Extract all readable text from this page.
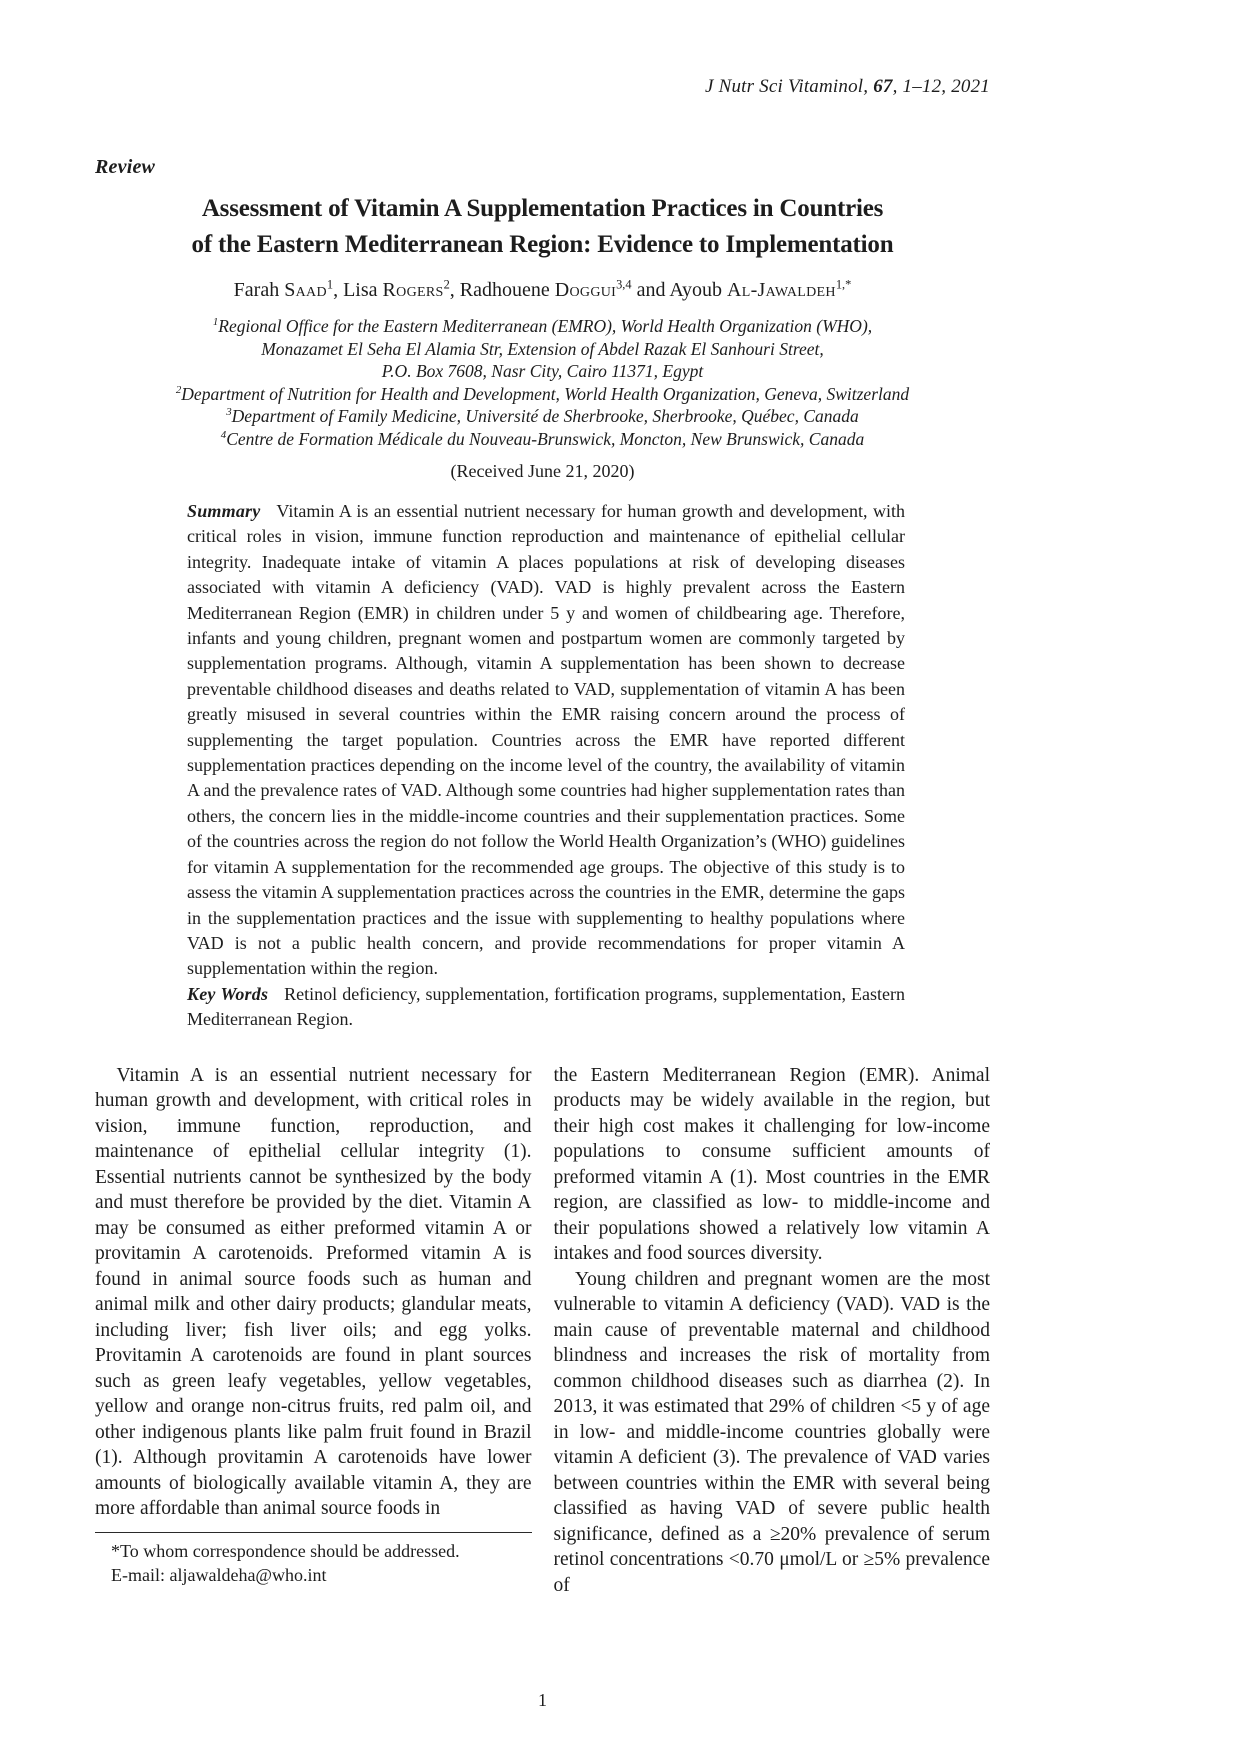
J Nutr Sci Vitaminol, 67, 1–12, 2021
Review
Assessment of Vitamin A Supplementation Practices in Countries
of the Eastern Mediterranean Region: Evidence to Implementation
Farah Saad$^1$, Lisa Rogers$^2$, Radhouene Doggui$^{3,4}$ and Ayoub Al-Jawaldeh$^{1,*}$
$^1$Regional Office for the Eastern Mediterranean (EMRO), World Health Organization (WHO),
Monazamet El Seha El Alamia Str, Extension of Abdel Razak El Sanhouri Street,
P.O. Box 7608, Nasr City, Cairo 11371, Egypt
$^2$Department of Nutrition for Health and Development, World Health Organization, Geneva, Switzerland
$^3$Department of Family Medicine, Université de Sherbrooke, Sherbrooke, Québec, Canada
$^4$Centre de Formation Médicale du Nouveau-Brunswick, Moncton, New Brunswick, Canada
(Received June 21, 2020)

Summary Vitamin A is an essential nutrient necessary for human growth and development, with critical roles in vision, immune function reproduction and maintenance of epithelial cellular integrity. Inadequate intake of vitamin A places populations at risk of developing diseases associated with vitamin A deficiency (VAD). VAD is highly prevalent across the Eastern Mediterranean Region (EMR) in children under 5 y and women of childbearing age. Therefore, infants and young children, pregnant women and postpartum women are commonly targeted by supplementation programs. Although, vitamin A supplementation has been shown to decrease preventable childhood diseases and deaths related to VAD, supplementation of vitamin A has been greatly misused in several countries within the EMR raising concern around the process of supplementing the target population. Countries across the EMR have reported different supplementation practices depending on the income level of the country, the availability of vitamin A and the prevalence rates of VAD. Although some countries had higher supplementation rates than others, the concern lies in the middle-income countries and their supplementation practices. Some of the countries across the region do not follow the World Health Organization’s (WHO) guidelines for vitamin A supplementation for the recommended age groups. The objective of this study is to assess the vitamin A supplementation practices across the countries in the EMR, determine the gaps in the supplementation practices and the issue with supplementing to healthy populations where VAD is not a public health concern, and provide recommendations for proper vitamin A supplementation within the region.

Key Words Retinol deficiency, supplementation, fortification programs, supplementation, Eastern Mediterranean Region.

Vitamin A is an essential nutrient necessary for human growth and development, with critical roles in vision, immune function, reproduction, and maintenance of epithelial cellular integrity (1). Essential nutrients cannot be synthesized by the body and must therefore be provided by the diet. Vitamin A may be consumed as either preformed vitamin A or provitamin A carotenoids. Preformed vitamin A is found in animal source foods such as human and animal milk and other dairy products; glandular meats, including liver; fish liver oils; and egg yolks. Provitamin A carotenoids are found in plant sources such as green leafy vegetables, yellow vegetables, yellow and orange non-citrus fruits, red palm oil, and other indigenous plants like palm fruit found in Brazil (1). Although provitamin A carotenoids have lower amounts of biologically available vitamin A, they are more affordable than animal source foods in

*To whom correspondence should be addressed.
E-mail: aljawaldeha@who.int

the Eastern Mediterranean Region (EMR). Animal products may be widely available in the region, but their high cost makes it challenging for low-income populations to consume sufficient amounts of preformed vitamin A (1). Most countries in the EMR region, are classified as low- to middle-income and their populations showed a relatively low vitamin A intakes and food sources diversity.

Young children and pregnant women are the most vulnerable to vitamin A deficiency (VAD). VAD is the main cause of preventable maternal and childhood blindness and increases the risk of mortality from common childhood diseases such as diarrhea (2). In 2013, it was estimated that 29% of children <5 y of age in low- and middle-income countries globally were vitamin A deficient (3). The prevalence of VAD varies between countries within the EMR with several being classified as having VAD of severe public health significance, defined as a ≥20% prevalence of serum retinol concentrations <0.70 μmol/L or ≥5% prevalence of

1
